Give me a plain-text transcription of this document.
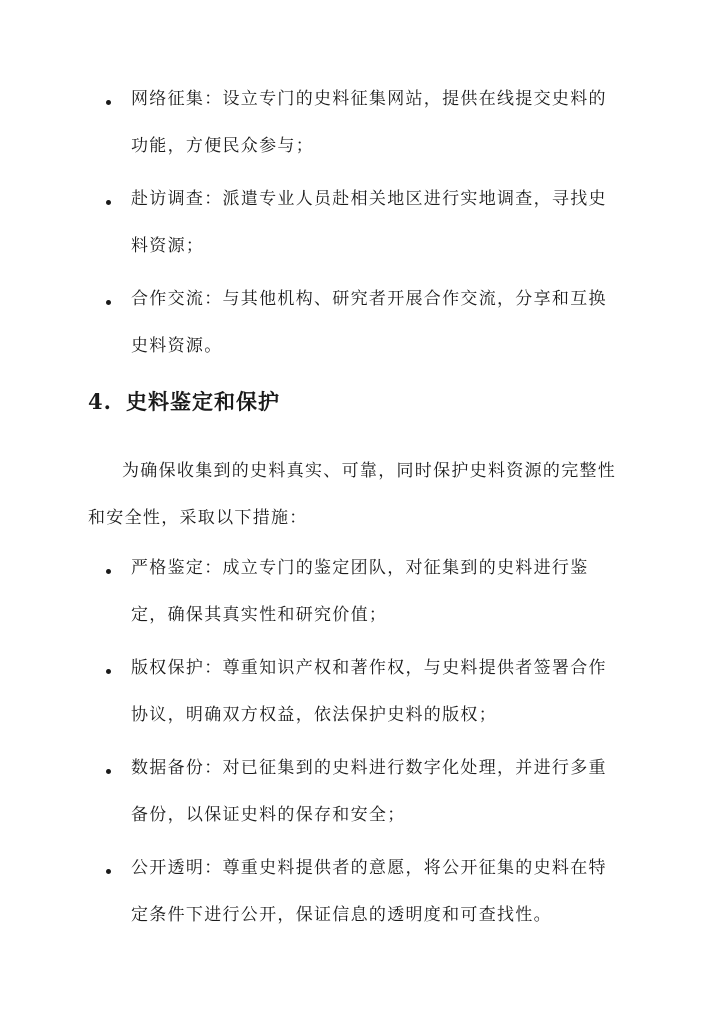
网络征集：设立专门的史料征集网站，提供在线提交史料的功能，方便民众参与；
赴访调查：派遣专业人员赴相关地区进行实地调查，寻找史料资源；
合作交流：与其他机构、研究者开展合作交流，分享和互换史料资源。
4. 史料鉴定和保护

为确保收集到的史料真实、可靠，同时保护史料资源的完整性和安全性，采取以下措施：

严格鉴定：成立专门的鉴定团队，对征集到的史料进行鉴定，确保其真实性和研究价值；
版权保护：尊重知识产权和著作权，与史料提供者签署合作协议，明确双方权益，依法保护史料的版权；
数据备份：对已征集到的史料进行数字化处理，并进行多重备份，以保证史料的保存和安全；
公开透明：尊重史料提供者的意愿，将公开征集的史料在特定条件下进行公开，保证信息的透明度和可查找性。
